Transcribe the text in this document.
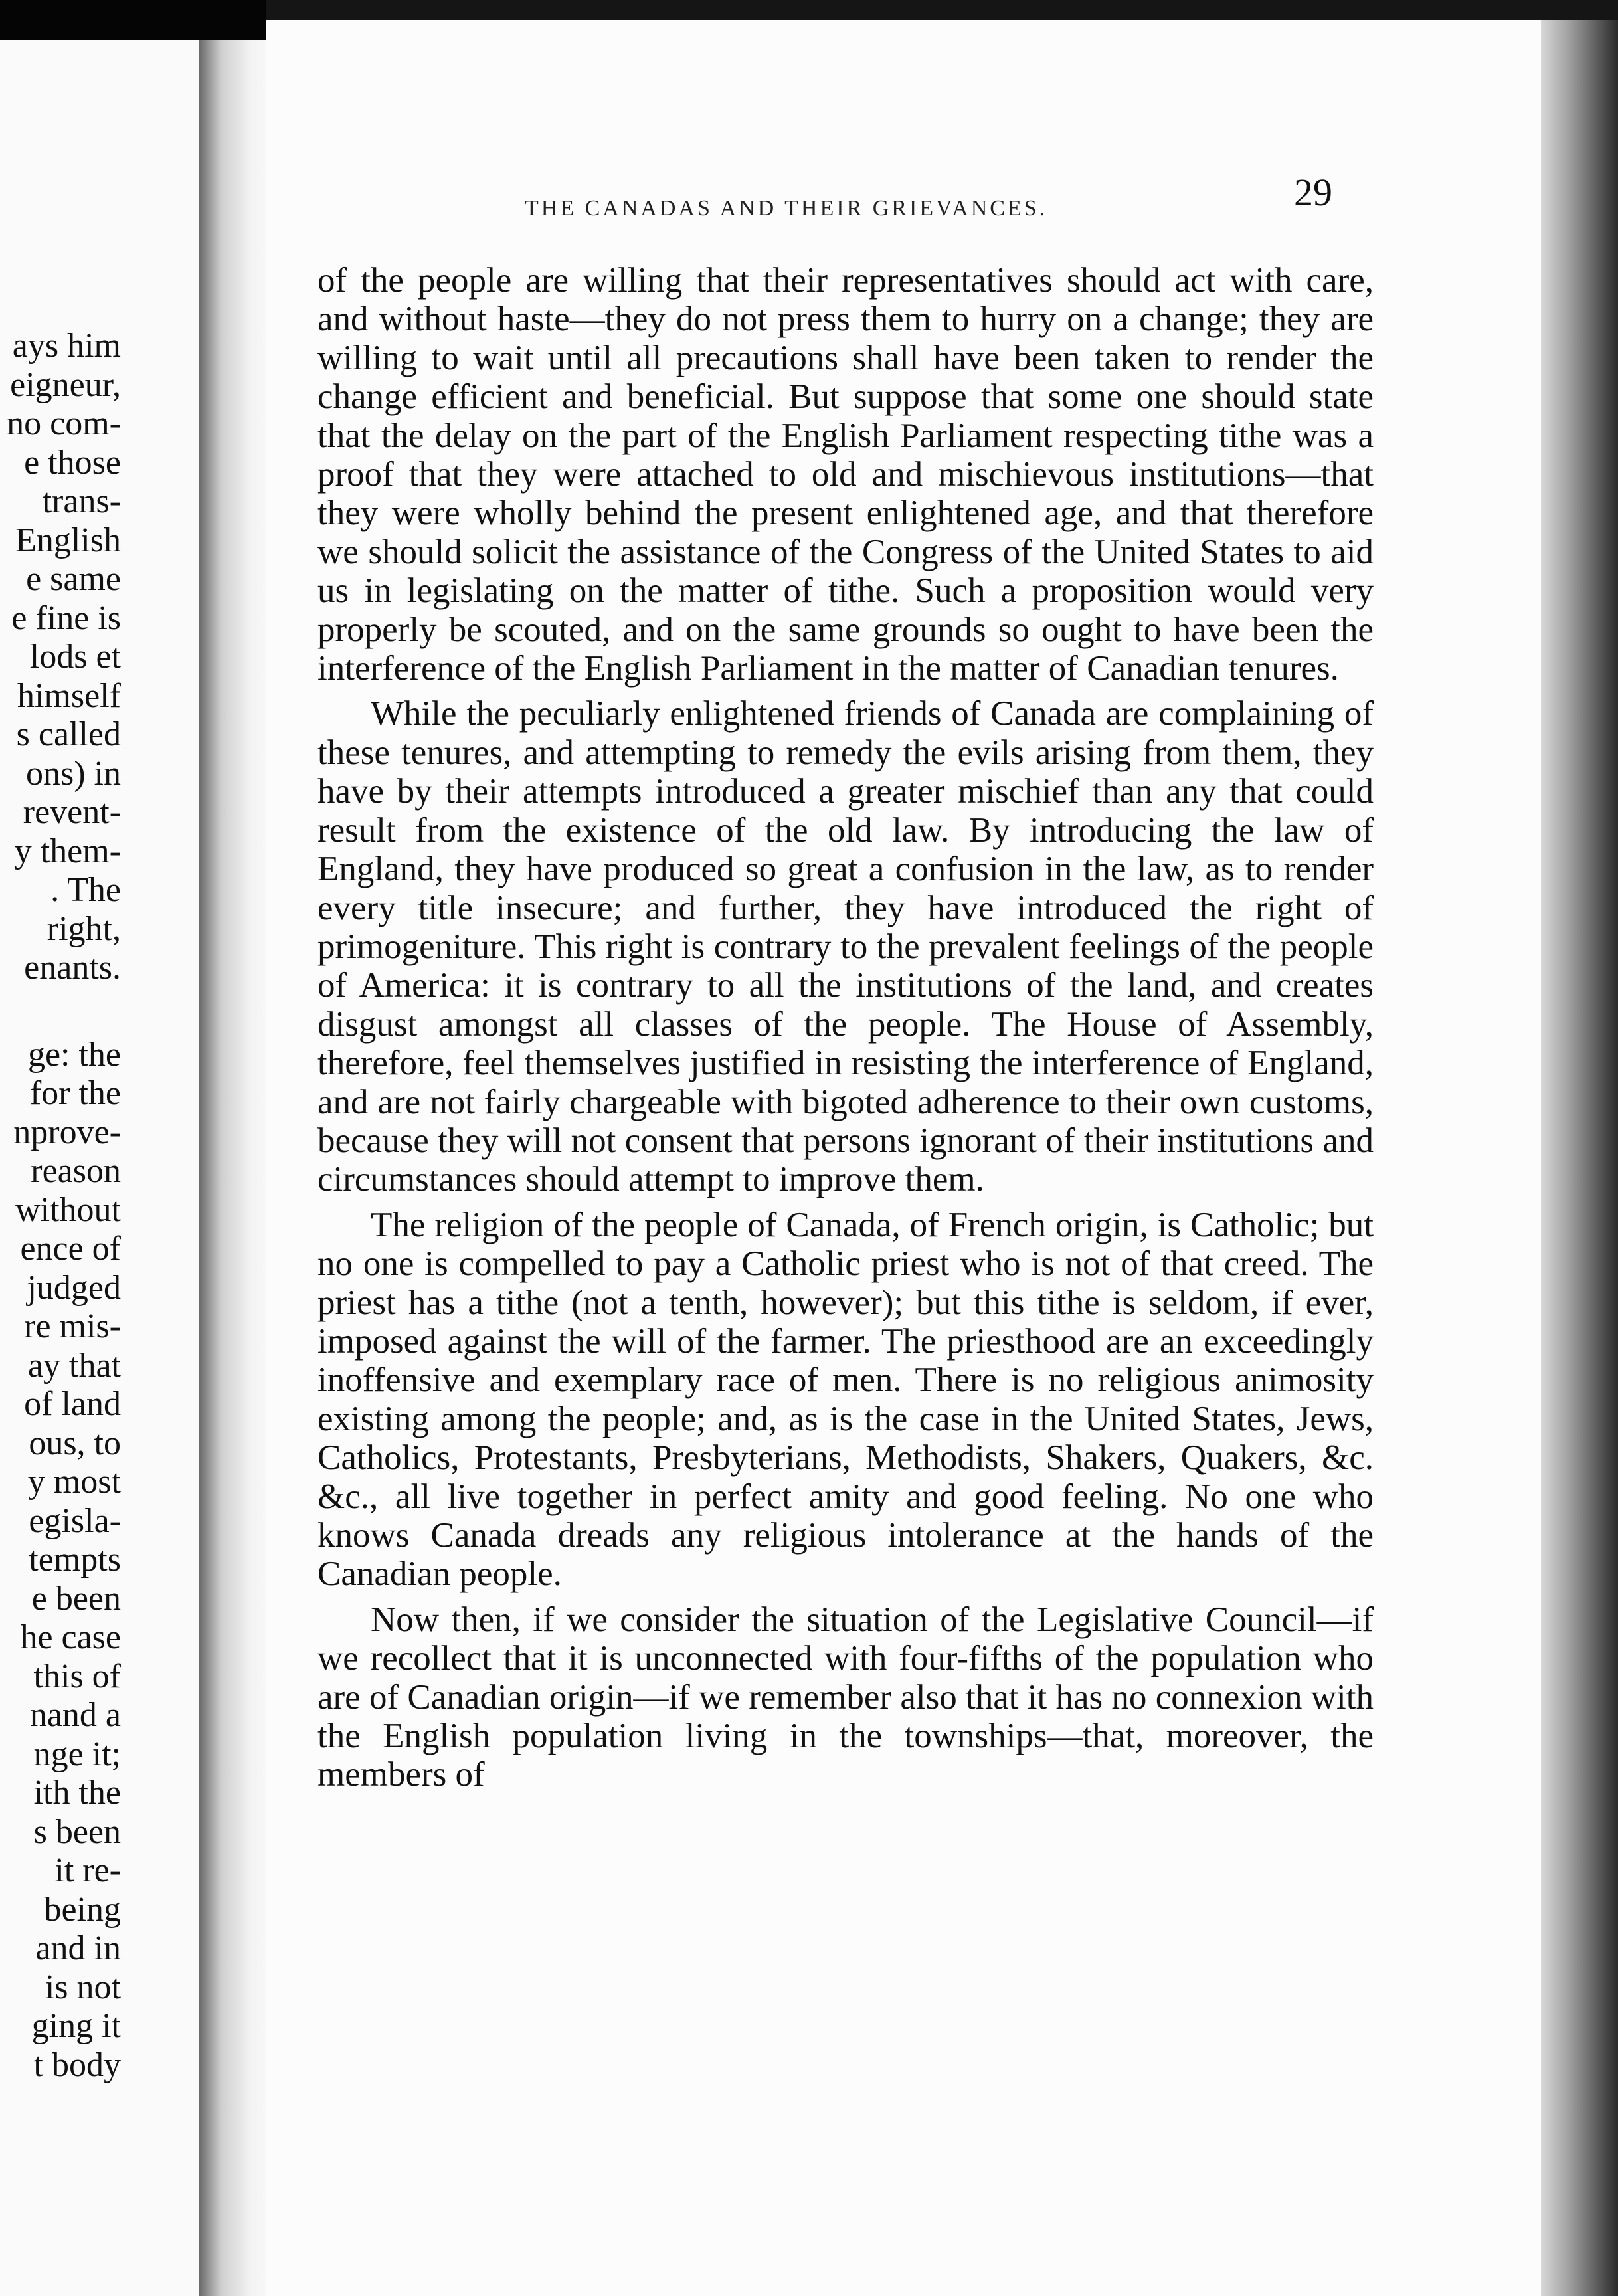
ays him
eigneur,
no com-
e those
trans-
English
e same
e fine is
lods et
himself
s called
ons) in
revent-
y them-
. The
right,
enants.
ge: the
for the
nprove-
reason
without
ence of
judged
re mis-
ay that
of land
ous, to
y most
egisla-
tempts
e been
he case
this of
nand a
nge it;
ith the
s been
it re-
being
and in
is not
ging it
t body
THE CANADAS AND THEIR GRIEVANCES.	29

of the people are willing that their representatives should act with care, and without haste—they do not press them to hurry on a change; they are willing to wait until all precautions shall have been taken to render the change efficient and beneficial. But suppose that some one should state that the delay on the part of the English Parliament respecting tithe was a proof that they were attached to old and mischievous institutions—that they were wholly behind the present enlightened age, and that therefore we should solicit the assistance of the Congress of the United States to aid us in legislating on the matter of tithe. Such a proposition would very properly be scouted, and on the same grounds so ought to have been the interference of the English Parliament in the matter of Canadian tenures.

While the peculiarly enlightened friends of Canada are complaining of these tenures, and attempting to remedy the evils arising from them, they have by their attempts introduced a greater mischief than any that could result from the existence of the old law. By introducing the law of England, they have produced so great a confusion in the law, as to render every title insecure; and further, they have introduced the right of primogeniture. This right is contrary to the prevalent feelings of the people of America: it is contrary to all the institutions of the land, and creates disgust amongst all classes of the people. The House of Assembly, therefore, feel themselves justified in resisting the interference of England, and are not fairly chargeable with bigoted adherence to their own customs, because they will not consent that persons ignorant of their institutions and circumstances should attempt to improve them.

The religion of the people of Canada, of French origin, is Catholic; but no one is compelled to pay a Catholic priest who is not of that creed. The priest has a tithe (not a tenth, however); but this tithe is seldom, if ever, imposed against the will of the farmer. The priesthood are an exceedingly inoffensive and exemplary race of men. There is no religious animosity existing among the people; and, as is the case in the United States, Jews, Catholics, Protestants, Presbyterians, Methodists, Shakers, Quakers, &c. &c., all live together in perfect amity and good feeling. No one who knows Canada dreads any religious intolerance at the hands of the Canadian people.

Now then, if we consider the situation of the Legislative Council—if we recollect that it is unconnected with four-fifths of the population who are of Canadian origin—if we remember also that it has no connexion with the English population living in the townships—that, moreover, the members of
